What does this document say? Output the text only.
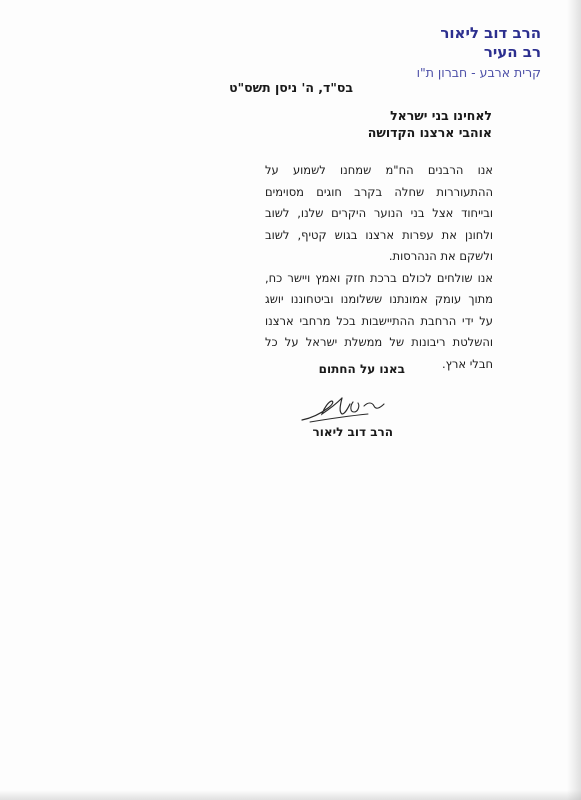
הרב דוב ליאור
רב העיר
קרית ארבע - חברון ת"ו
בס"ד, ה' ניסן תשס"ט
לאחינו בני ישראל
אוהבי ארצנו הקדושה

אנו הרבנים הח"מ שמחנו לשמוע על ההתעוררות שחלה בקרב חוגים מסוימים ובייחוד אצל בני הנוער היקרים שלנו, לשוב ולחונן את עפרות ארצנו בגוש קטיף, לשוב ולשקם את הנהרסות.

אנו שולחים לכולם ברכת חזק ואמץ ויישר כח, מתוך עומק אמונתנו ששלומנו וביטחוננו יושג על ידי הרחבת ההתיישבות בכל מרחבי ארצנו והשלטת ריבונות של ממשלת ישראל על כל חבלי ארץ.

באנו על החתום
הרב דוב ליאור
